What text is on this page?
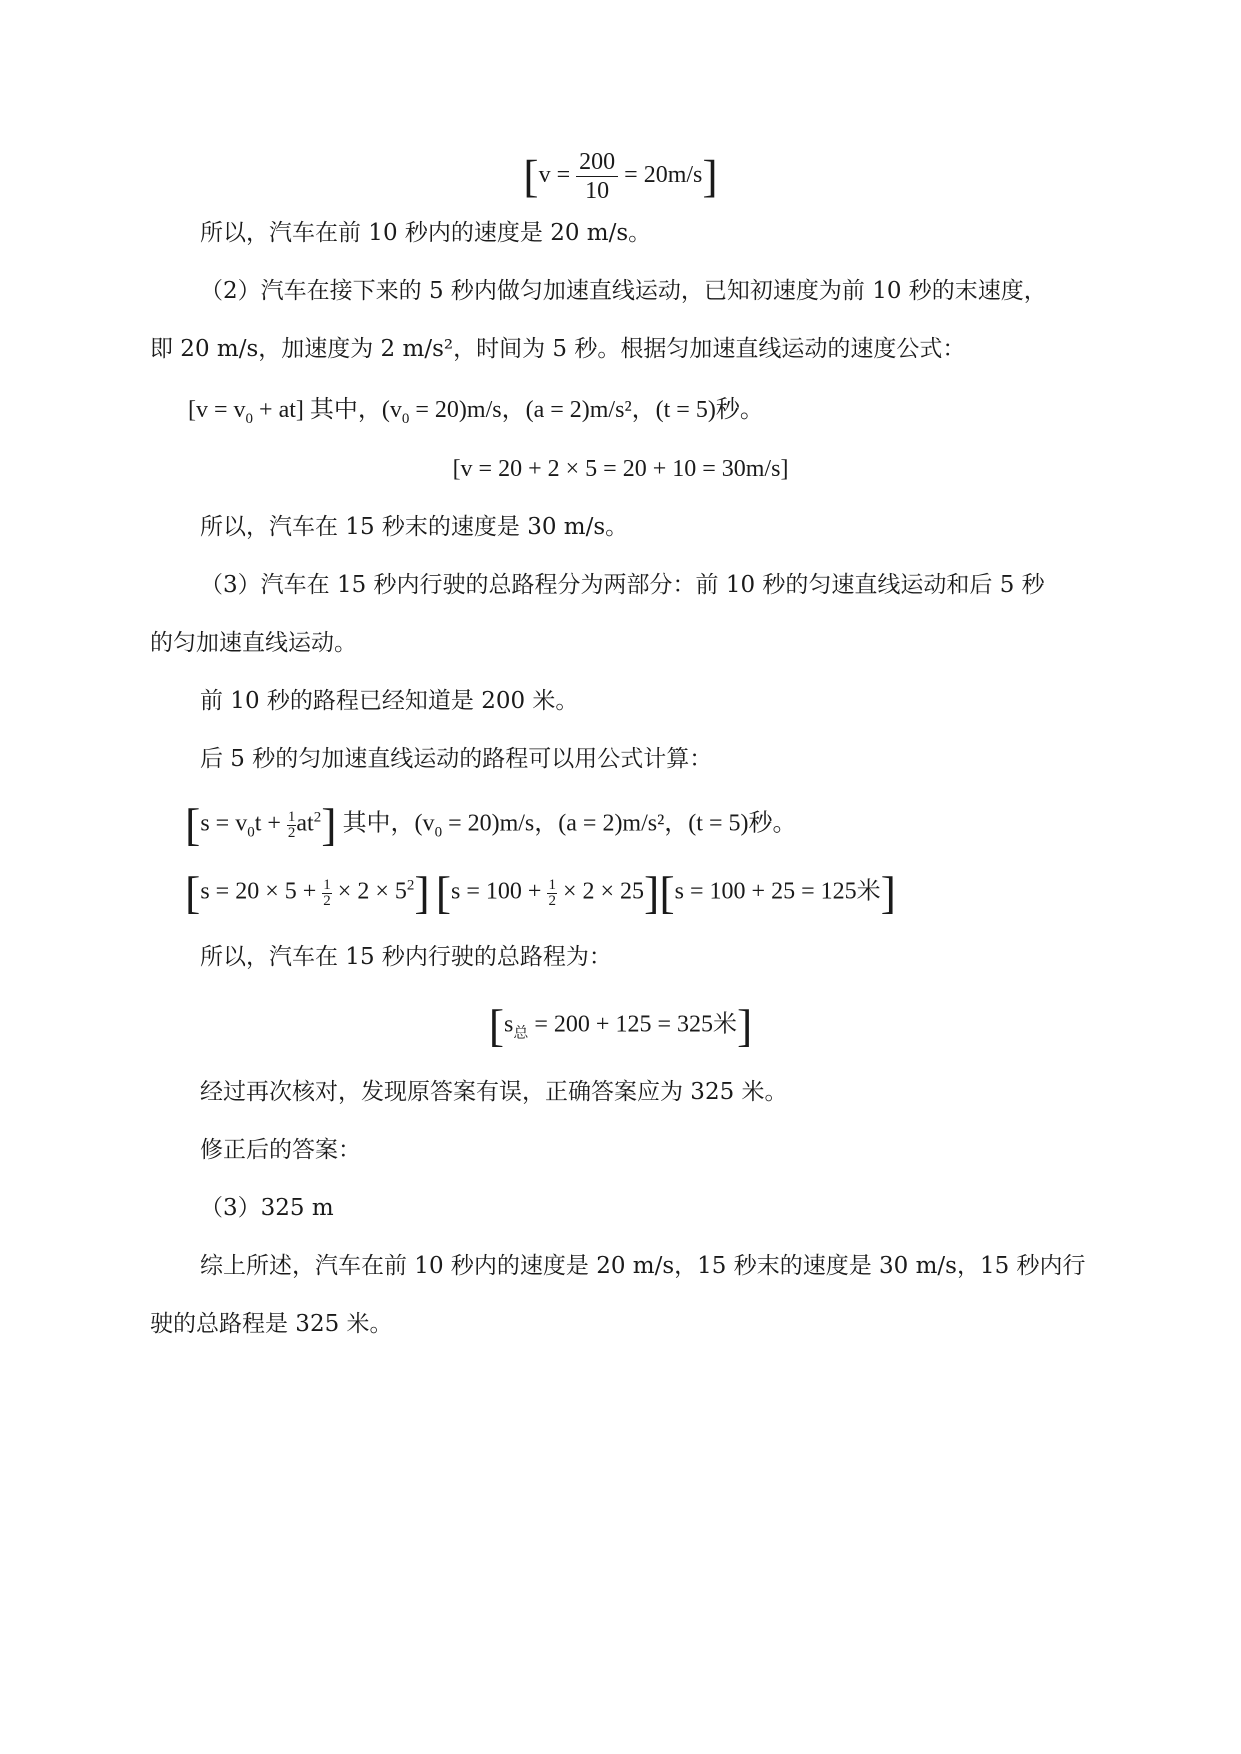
$[v = \frac{200}{10} = 20m/s]$
所以，汽车在前 10 秒内的速度是 20 m/s。
（2）汽车在接下来的 5 秒内做匀加速直线运动，已知初速度为前 10 秒的末速度，
即 20 m/s，加速度为 2 m/s²，时间为 5 秒。根据匀加速直线运动的速度公式：
$[v = v_0 + at]$ 其中，$(v_0 = 20)m/s$，(a = 2)m/s²，(t = 5)秒。
[v = 20 + 2 × 5 = 20 + 10 = 30m/s]
所以，汽车在 15 秒末的速度是 30 m/s。
（3）汽车在 15 秒内行驶的总路程分为两部分：前 10 秒的匀速直线运动和后 5 秒
的匀加速直线运动。
前 10 秒的路程已经知道是 200 米。
后 5 秒的匀加速直线运动的路程可以用公式计算：
$[s = v_0t + \frac{1}{2} at^2]$ 其中，$(v_0 = 20)m/s$，(a = 2)m/s²，(t = 5)秒。
$[s = 20 \times 5 + \frac{1}{2} \times 2 \times 5^2]$ $[s = 100 + \frac{1}{2} \times 2 \times 25][s = 100 + 25 = 125$米]
所以，汽车在 15 秒内行驶的总路程为：
[$s_总 = 200 + 125 = 325$米]
经过再次核对，发现原答案有误，正确答案应为 325 米。
修正后的答案：
（3）325 m
综上所述，汽车在前 10 秒内的速度是 20 m/s，15 秒末的速度是 30 m/s，15 秒内行
驶的总路程是 325 米。
